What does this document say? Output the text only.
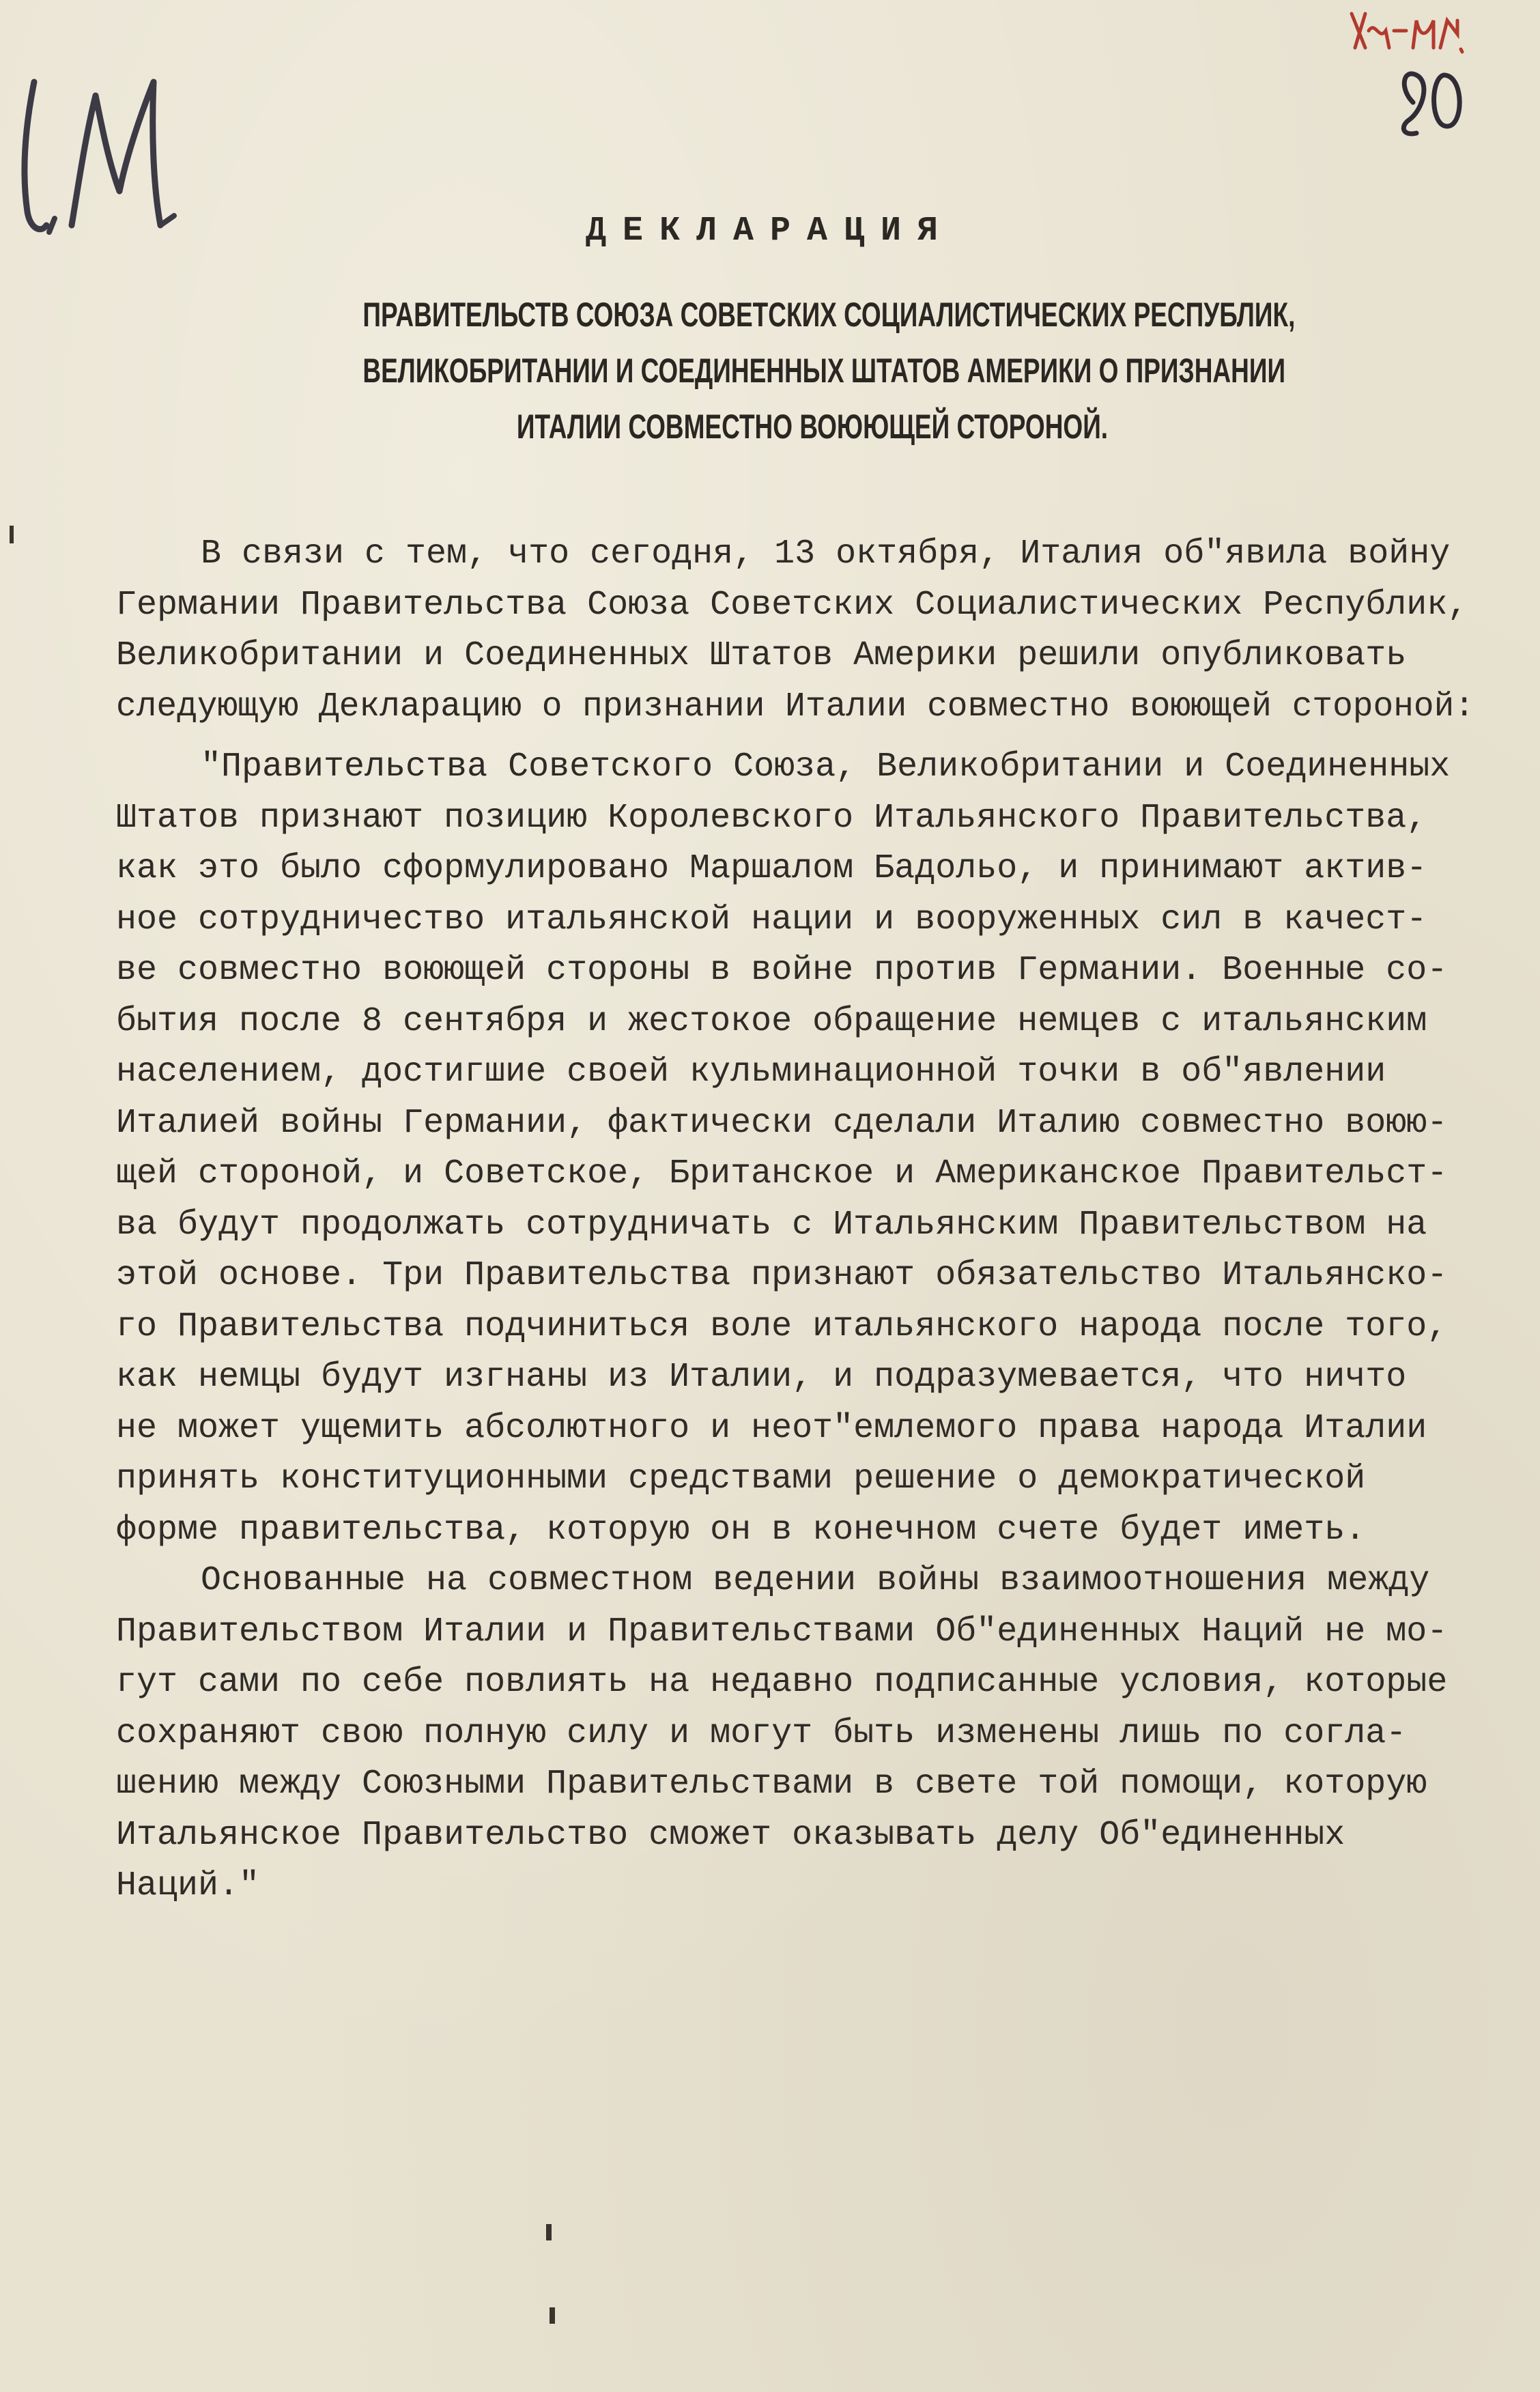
ДЕКЛАРАЦИЯ
ПРАВИТЕЛЬСТВ СОЮЗА СОВЕТСКИХ СОЦИАЛИСТИЧЕСКИХ РЕСПУБЛИК,
ВЕЛИКОБРИТАНИИ И СОЕДИНЕННЫХ ШТАТОВ АМЕРИКИ О ПРИЗНАНИИ
ИТАЛИИ СОВМЕСТНО ВОЮЮЩЕЙ СТОРОНОЙ.
В связи с тем, что сегодня, 13 октября, Италия об"явила войну
Германии Правительства Союза Советских Социалистических Республик,
Великобритании и Соединенных Штатов Америки решили опубликовать
следующую Декларацию о признании Италии совместно воюющей стороной:
"Правительства Советского Союза, Великобритании и Соединенных
Штатов признают позицию Королевского Итальянского Правительства,
как это было сформулировано Маршалом Бадольо, и принимают актив-
ное сотрудничество итальянской нации и вооруженных сил в качест-
ве совместно воюющей стороны в войне против Германии. Военные со-
бытия после 8 сентября и жестокое обращение немцев с итальянским
населением, достигшие своей кульминационной точки в об"явлении
Италией войны Германии, фактически сделали Италию совместно воюю-
щей стороной, и Советское, Британское и Американское Правительст-
ва будут продолжать сотрудничать с Итальянским Правительством на
этой основе. Три Правительства признают обязательство Итальянско-
го Правительства подчиниться воле итальянского народа после того,
как немцы будут изгнаны из Италии, и подразумевается, что ничто
не может ущемить абсолютного и неот"емлемого права народа Италии
принять конституционными средствами решение о демократической
форме правительства, которую он в конечном счете будет иметь.
Основанные на совместном ведении войны взаимоотношения между
Правительством Италии и Правительствами Об"единенных Наций не мо-
гут сами по себе повлиять на недавно подписанные условия, которые
сохраняют свою полную силу и могут быть изменены лишь по согла-
шению между Союзными Правительствами в свете той помощи, которую
Итальянское Правительство сможет оказывать делу Об"единенных
Наций."
